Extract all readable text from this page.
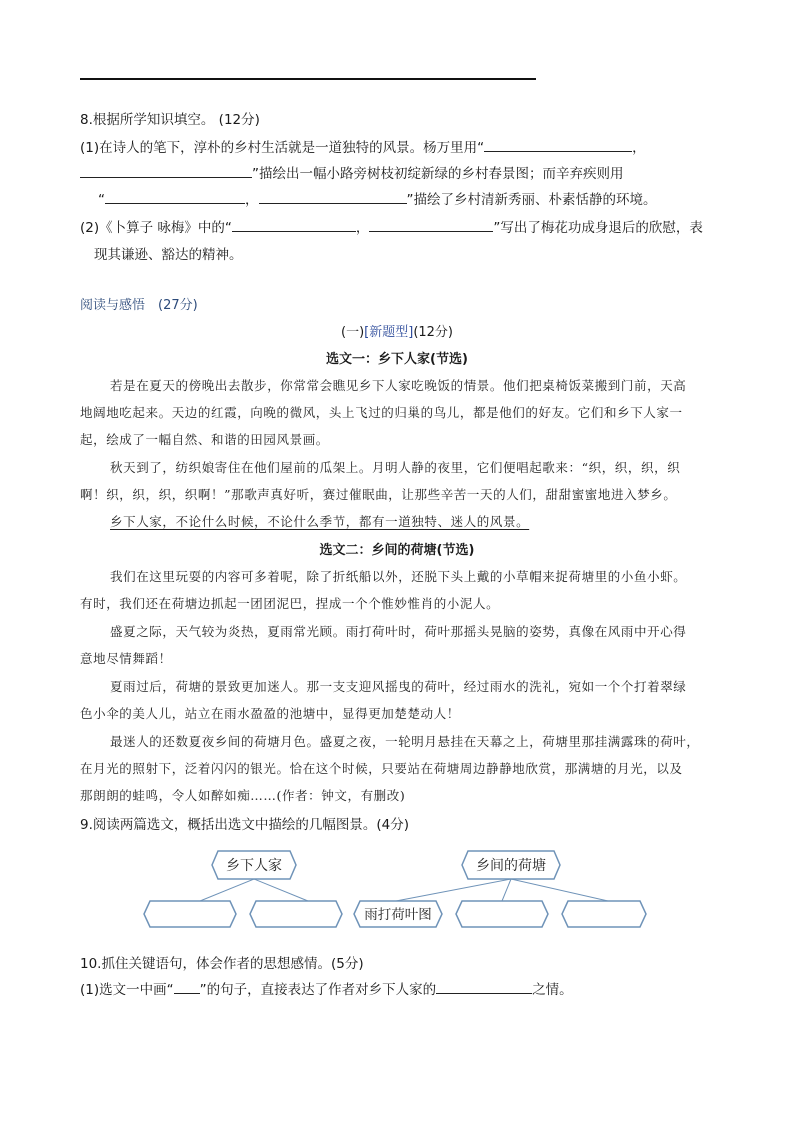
8.根据所学知识填空。 (12分)
(1)在诗人的笔下，淳朴的乡村生活就是一道独特的风景。杨万里用“	，
”描绘出一幅小路旁树枝初绽新绿的乡村春景图；而辛弃疾则用
“	，	”描绘了乡村清新秀丽、朴素恬静的环境。
(2)《卜算子 咏梅》中的“	，	”写出了梅花功成身退后的欣慰，表
现其谦逊、豁达的精神。
阅读与感悟　(27分)
(一)[新题型](12分)
选文一：乡下人家(节选)
若是在夏天的傍晚出去散步，你常常会瞧见乡下人家吃晚饭的情景。他们把桌椅饭菜搬到门前，天高
地阔地吃起来。天边的红霞，向晚的微风，头上飞过的归巢的鸟儿，都是他们的好友。它们和乡下人家一
起，绘成了一幅自然、和谐的田园风景画。
秋天到了，纺织娘寄住在他们屋前的瓜架上。月明人静的夜里，它们便唱起歌来：“织，织，织，织
啊！织，织，织，织啊！”那歌声真好听，赛过催眠曲，让那些辛苦一天的人们，甜甜蜜蜜地进入梦乡。
乡下人家，不论什么时候，不论什么季节，都有一道独特、迷人的风景。
选文二：乡间的荷塘(节选)
我们在这里玩耍的内容可多着呢，除了折纸船以外，还脱下头上戴的小草帽来捉荷塘里的小鱼小虾。
有时，我们还在荷塘边抓起一团团泥巴，捏成一个个惟妙惟肖的小泥人。
盛夏之际，天气较为炎热，夏雨常光顾。雨打荷叶时，荷叶那摇头晃脑的姿势，真像在风雨中开心得
意地尽情舞蹈！
夏雨过后，荷塘的景致更加迷人。那一支支迎风摇曳的荷叶，经过雨水的洗礼，宛如一个个打着翠绿
色小伞的美人儿，站立在雨水盈盈的池塘中，显得更加楚楚动人！
最迷人的还数夏夜乡间的荷塘月色。盛夏之夜，一轮明月悬挂在天幕之上，荷塘里那挂满露珠的荷叶，
在月光的照射下，泛着闪闪的银光。恰在这个时候，只要站在荷塘周边静静地欣赏，那满塘的月光，以及
那朗朗的蛙鸣，令人如醉如痴……(作者：钟文，有删改)
9.阅读两篇选文，概括出选文中描绘的几幅图景。(4分)
乡下人家	乡间的荷塘
雨打荷叶图
10.抓住关键语句，体会作者的思想感情。(5分)
(1)选文一中画“ ”的句子，直接表达了作者对乡下人家的	之情。
